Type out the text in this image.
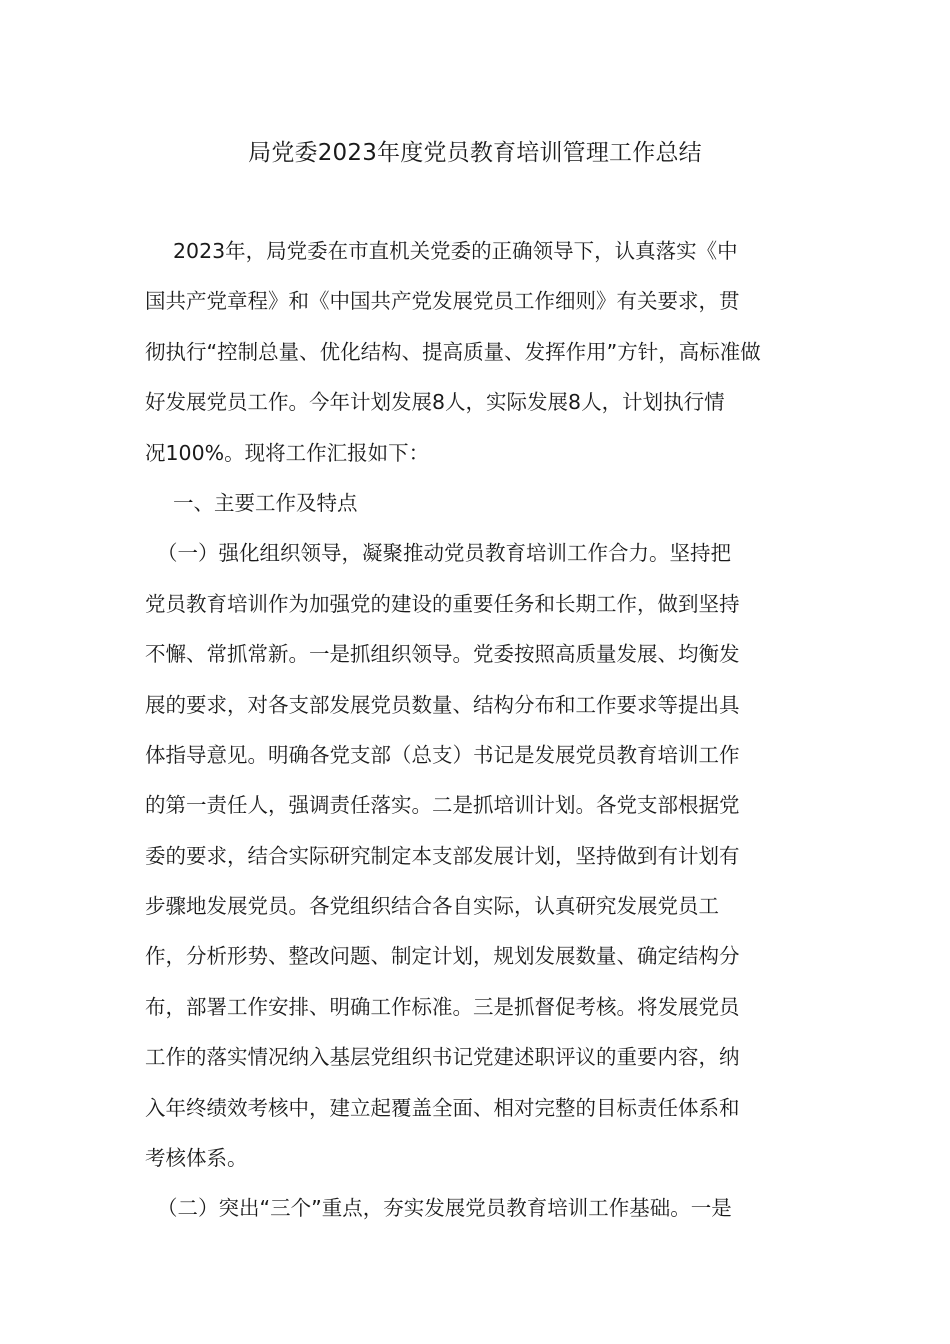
局党委2023年度党员教育培训管理工作总结
2023年，局党委在市直机关党委的正确领导下，认真落实《中
国共产党章程》和《中国共产党发展党员工作细则》有关要求，贯
彻执行“控制总量、优化结构、提高质量、发挥作用”方针，高标准做
好发展党员工作。今年计划发展8人，实际发展8人，计划执行情
况100%。现将工作汇报如下：
一、主要工作及特点
（一）强化组织领导，凝聚推动党员教育培训工作合力。坚持把
党员教育培训作为加强党的建设的重要任务和长期工作，做到坚持
不懈、常抓常新。一是抓组织领导。党委按照高质量发展、均衡发
展的要求，对各支部发展党员数量、结构分布和工作要求等提出具
体指导意见。明确各党支部（总支）书记是发展党员教育培训工作
的第一责任人，强调责任落实。二是抓培训计划。各党支部根据党
委的要求，结合实际研究制定本支部发展计划，坚持做到有计划有
步骤地发展党员。各党组织结合各自实际，认真研究发展党员工
作，分析形势、整改问题、制定计划，规划发展数量、确定结构分
布，部署工作安排、明确工作标准。三是抓督促考核。将发展党员
工作的落实情况纳入基层党组织书记党建述职评议的重要内容，纳
入年终绩效考核中，建立起覆盖全面、相对完整的目标责任体系和
考核体系。
（二）突出“三个”重点，夯实发展党员教育培训工作基础。一是
